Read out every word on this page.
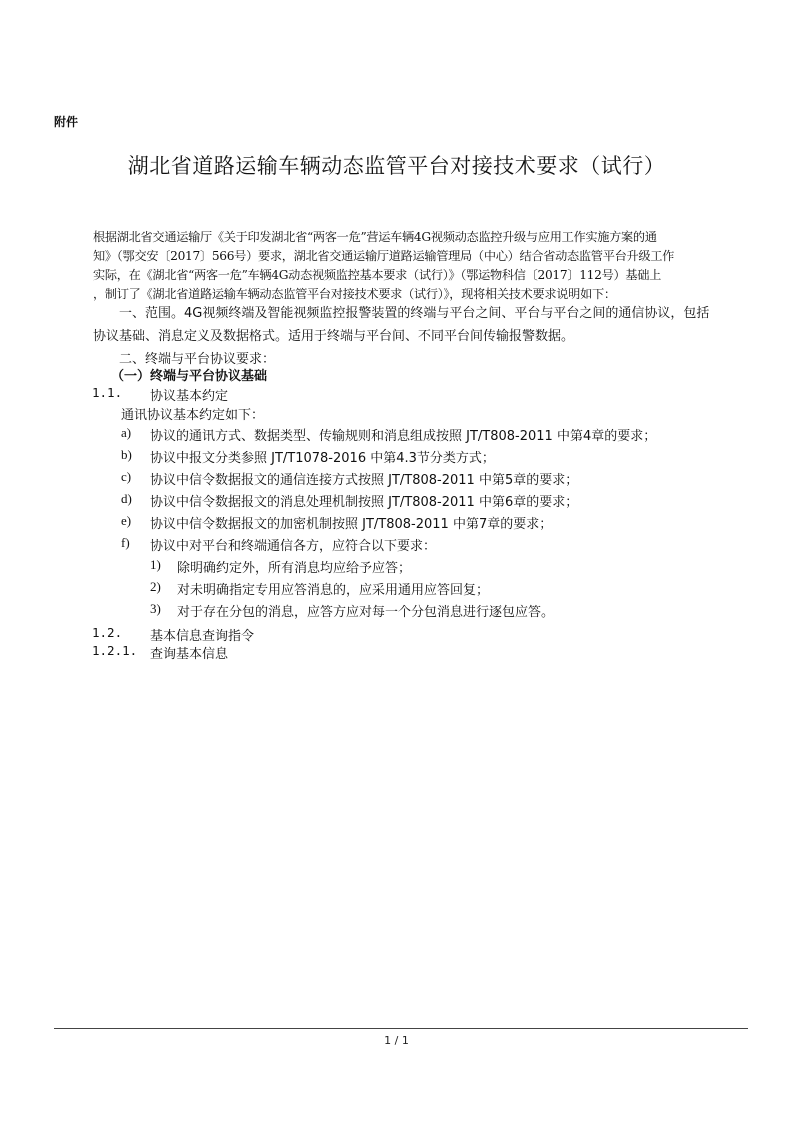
附件
湖北省道路运输车辆动态监管平台对接技术要求（试行）
根据湖北省交通运输厅《关于印发湖北省“两客一危”营运车辆4G视频动态监控升级与应用工作实施方案的通
知》（鄂交安〔2017〕566号）要求，湖北省交通运输厅道路运输管理局（中心）结合省动态监管平台升级工作
实际，在《湖北省“两客一危”车辆4G动态视频监控基本要求（试行）》（鄂运物科信〔2017〕112号）基础上
，制订了《湖北省道路运输车辆动态监管平台对接技术要求（试行）》，现将相关技术要求说明如下：
一、范围。4G视频终端及智能视频监控报警装置的终端与平台之间、平台与平台之间的通信协议，包括
协议基础、消息定义及数据格式。适用于终端与平台间、不同平台间传输报警数据。
二、终端与平台协议要求：
（一）终端与平台协议基础
1.1. 协议基本约定
通讯协议基本约定如下：
a) 协议的通讯方式、数据类型、传输规则和消息组成按照 JT/T808-2011 中第4章的要求；
b) 协议中报文分类参照 JT/T1078-2016 中第4.3节分类方式；
c) 协议中信令数据报文的通信连接方式按照 JT/T808-2011 中第5章的要求；
d) 协议中信令数据报文的消息处理机制按照 JT/T808-2011 中第6章的要求；
e) 协议中信令数据报文的加密机制按照 JT/T808-2011 中第7章的要求；
f) 协议中对平台和终端通信各方，应符合以下要求：
1) 除明确约定外，所有消息均应给予应答；
2) 对未明确指定专用应答消息的，应采用通用应答回复；
3) 对于存在分包的消息，应答方应对每一个分包消息进行逐包应答。
1.2. 基本信息查询指令
1.2.1. 查询基本信息
1 / 1
